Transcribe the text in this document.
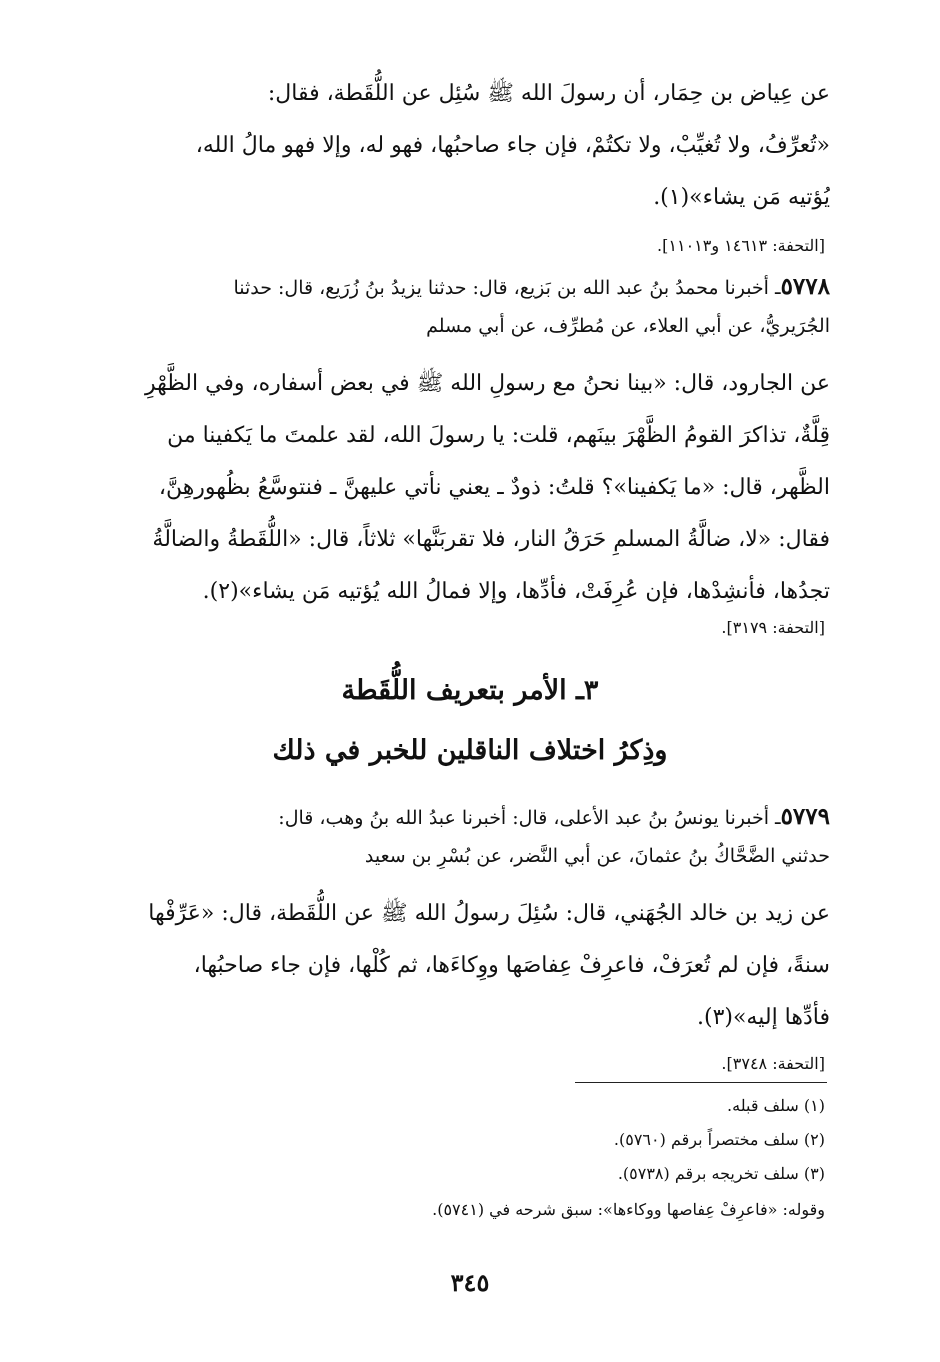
عن عِياض بن حِمَار، أن رسولَ الله ﷺ سُئِل عن اللُّقَطة، فقال:
«تُعرِّفُ، ولا تُغيِّبْ، ولا تكتُمْ، فإن جاء صاحبُها، فهو له، وإلا فهو مالُ الله،
يُؤتيه مَن يشاء»(١).
[التحفة: ١٤٦١٣ و١١٠١٣].
٥٧٧٨ـ أخبرنا محمدُ بنُ عبد الله بن بَزيع، قال: حدثنا يزيدُ بنُ زُرَيع، قال: حدثنا
الجُرَيريُّ، عن أبي العلاء، عن مُطرِّف، عن أبي مسلم
عن الجارود، قال: «بينا نحنُ مع رسولِ الله ﷺ في بعض أسفاره، وفي الظَّهْرِ
قِلَّةٌ، تذاكرَ القومُ الظَّهْرَ بينَهم، قلت: يا رسولَ الله، لقد علمتَ ما يَكفينا من
الظَّهر، قال: «ما يَكفينا»؟ قلتُ: ذودٌ ـ يعني نأتي عليهنَّ ـ فنتوسَّعُ بظُهورهِنَّ،
فقال: «لا، ضالَّةُ المسلمِ حَرَقُ النار، فلا تقربَنَّها» ثلاثاً، قال: «اللُّقَطةُ والضالَّةُ
تجدُها، فأنشِدْها، فإن عُرِفَتْ، فأدِّها، وإلا فمالُ الله يُؤتيه مَن يشاء»(٢).
[التحفة: ٣١٧٩].
٣ـ الأمر بتعريف اللُّقَطة
وذِكرُ اختلاف الناقلين للخبر في ذلك
٥٧٧٩ـ أخبرنا يونسُ بنُ عبد الأعلى، قال: أخبرنا عبدُ الله بنُ وهب، قال:
حدثني الضَّحَّاكُ بنُ عثمانَ، عن أبي النَّضر، عن بُسْرِ بن سعيد
عن زيد بن خالد الجُهَني، قال: سُئِلَ رسولُ الله ﷺ عن اللُّقَطة، قال: «عَرِّفْها
سنةً، فإن لم تُعرَفْ، فاعرِفْ عِفاصَها ووِكاءَها، ثم كُلْها، فإن جاء صاحبُها،
فأدِّها إليه»(٣).
[التحفة: ٣٧٤٨].
(١) سلف قبله.
(٢) سلف مختصراً برقم (٥٧٦٠).
(٣) سلف تخريجه برقم (٥٧٣٨).
وقوله: «فاعرِفْ عِفاصها ووكاءها»: سبق شرحه في (٥٧٤١).
٣٤٥
